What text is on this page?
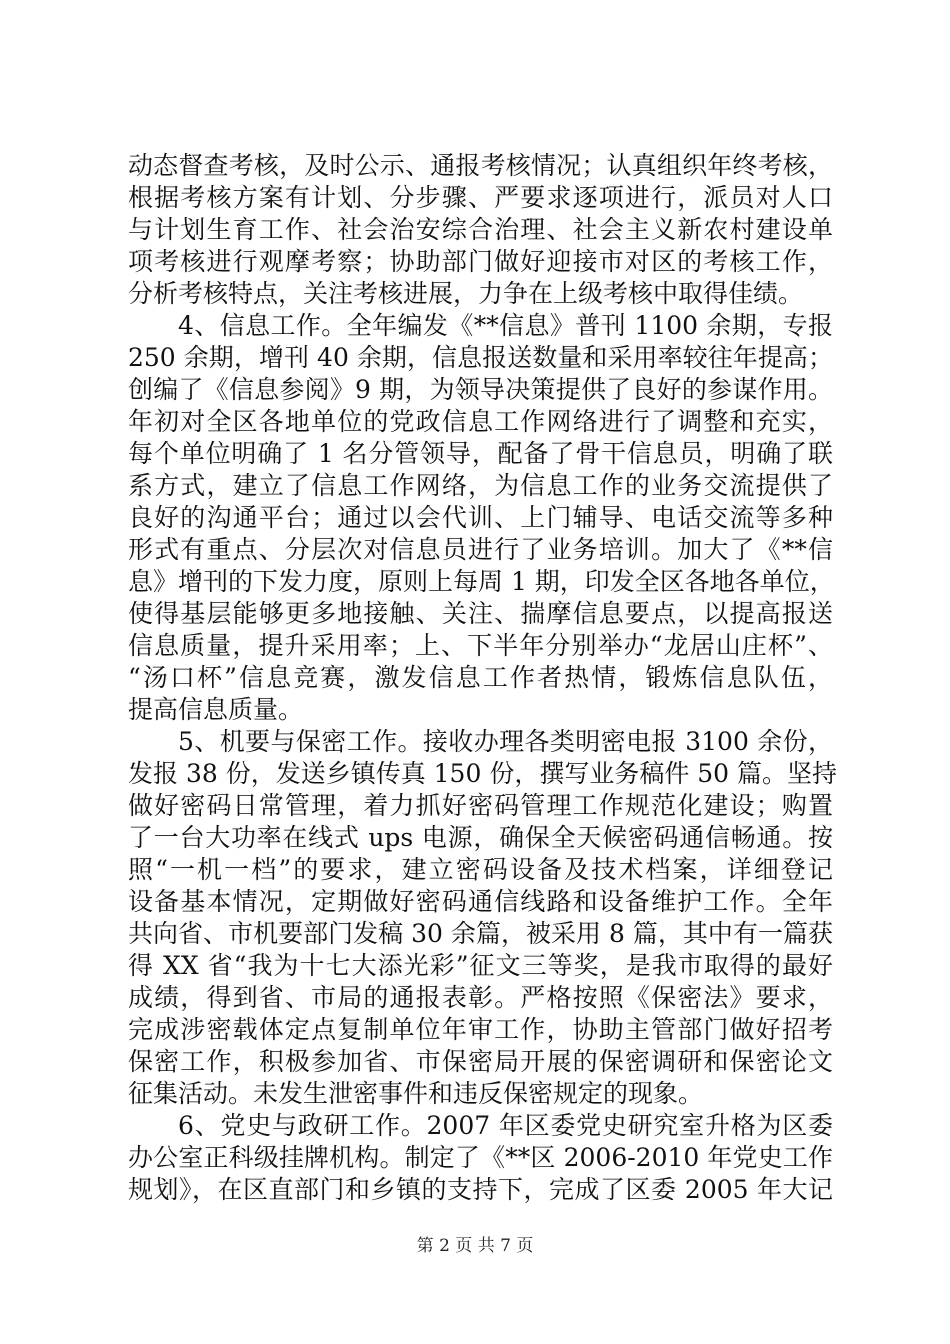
动态督查考核，及时公示、通报考核情况；认真组织年终考核，
根据考核方案有计划、分步骤、严要求逐项进行，派员对人口
与计划生育工作、社会治安综合治理、社会主义新农村建设单
项考核进行观摩考察；协助部门做好迎接市对区的考核工作，
分析考核特点，关注考核进展，力争在上级考核中取得佳绩。
4、信息工作。全年编发《**信息》普刊 1100 余期，专报
250 余期，增刊 40 余期，信息报送数量和采用率较往年提高；
创编了《信息参阅》9 期，为领导决策提供了良好的参谋作用。
年初对全区各地单位的党政信息工作网络进行了调整和充实，
每个单位明确了 1 名分管领导，配备了骨干信息员，明确了联
系方式，建立了信息工作网络，为信息工作的业务交流提供了
良好的沟通平台；通过以会代训、上门辅导、电话交流等多种
形式有重点、分层次对信息员进行了业务培训。加大了《**信
息》增刊的下发力度，原则上每周 1 期，印发全区各地各单位，
使得基层能够更多地接触、关注、揣摩信息要点，以提高报送
信息质量，提升采用率；上、下半年分别举办“龙居山庄杯”、
“汤口杯”信息竞赛，激发信息工作者热情，锻炼信息队伍，
提高信息质量。
5、机要与保密工作。接收办理各类明密电报 3100 余份，
发报 38 份，发送乡镇传真 150 份，撰写业务稿件 50 篇。坚持
做好密码日常管理，着力抓好密码管理工作规范化建设；购置
了一台大功率在线式 ups 电源，确保全天候密码通信畅通。按
照“一机一档”的要求，建立密码设备及技术档案，详细登记
设备基本情况，定期做好密码通信线路和设备维护工作。全年
共向省、市机要部门发稿 30 余篇，被采用 8 篇，其中有一篇获
得 XX 省“我为十七大添光彩”征文三等奖，是我市取得的最好
成绩，得到省、市局的通报表彰。严格按照《保密法》要求，
完成涉密载体定点复制单位年审工作，协助主管部门做好招考
保密工作，积极参加省、市保密局开展的保密调研和保密论文
征集活动。未发生泄密事件和违反保密规定的现象。
6、党史与政研工作。2007 年区委党史研究室升格为区委
办公室正科级挂牌机构。制定了《**区 2006-2010 年党史工作
规划》，在区直部门和乡镇的支持下，完成了区委 2005 年大记
第 2 页 共 7 页
